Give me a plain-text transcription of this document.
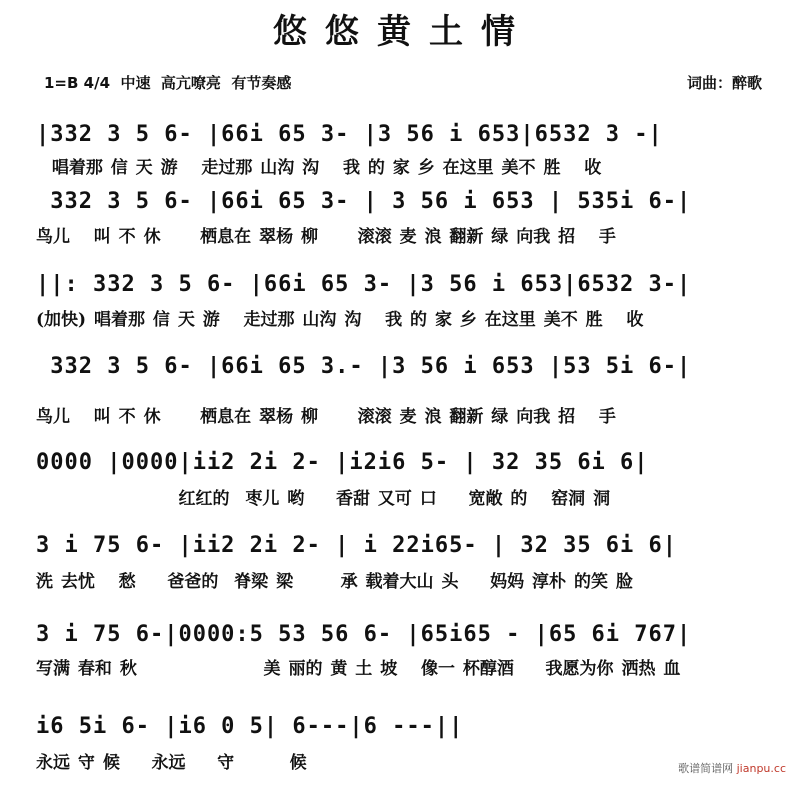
悠悠黄土情
1=B 4/4  中速  高亢嘹亮  有节奏感	词曲：醉歌
|332 3 5 6- |66i 65 3- |3 56 i 653|6532 3 -|
唱着那 信 天 游   走过那 山沟 沟   我 的 家 乡 在这里 美不 胜   收
332 3 5 6- |66i 65 3- | 3 56 i 653 | 535i 6-|
鸟儿   叫 不 休     栖息在 翠杨 柳     滚滚 麦 浪 翻新 绿 向我 招   手
||: 332 3 5 6- |66i 65 3- |3 56 i 653|6532 3-|
(加快) 唱着那 信 天 游   走过那 山沟 沟   我 的 家 乡 在这里 美不 胜   收
332 3 5 6- |66i 65 3.- |3 56 i 653 |53 5i 6-|
鸟儿   叫 不 休     栖息在 翠杨 柳     滚滚 麦 浪 翻新 绿 向我 招   手
0000 |0000|ii2 2i 2- |i2i6 5- | 32 35 6i 6|
红红的  枣儿 哟    香甜 又可 口    宽敞 的   窑洞 洞
3 i 75 6- |ii2 2i 2- | i 22i65- | 32 35 6i 6|
洗 去忧   愁    爸爸的  脊梁 梁      承 载着大山 头    妈妈 淳朴 的笑 脸
3 i 75 6-|0000:5 53 56 6- |65i65 - |65 6i 767|
写满 春和 秋                美 丽的 黄 土 坡   像一 杯醇酒    我愿为你 洒热 血
i6 5i 6- |i6 0 5| 6---|6 ---||
永远 守 候    永远    守       候	歌谱简谱网 jianpu.cc
